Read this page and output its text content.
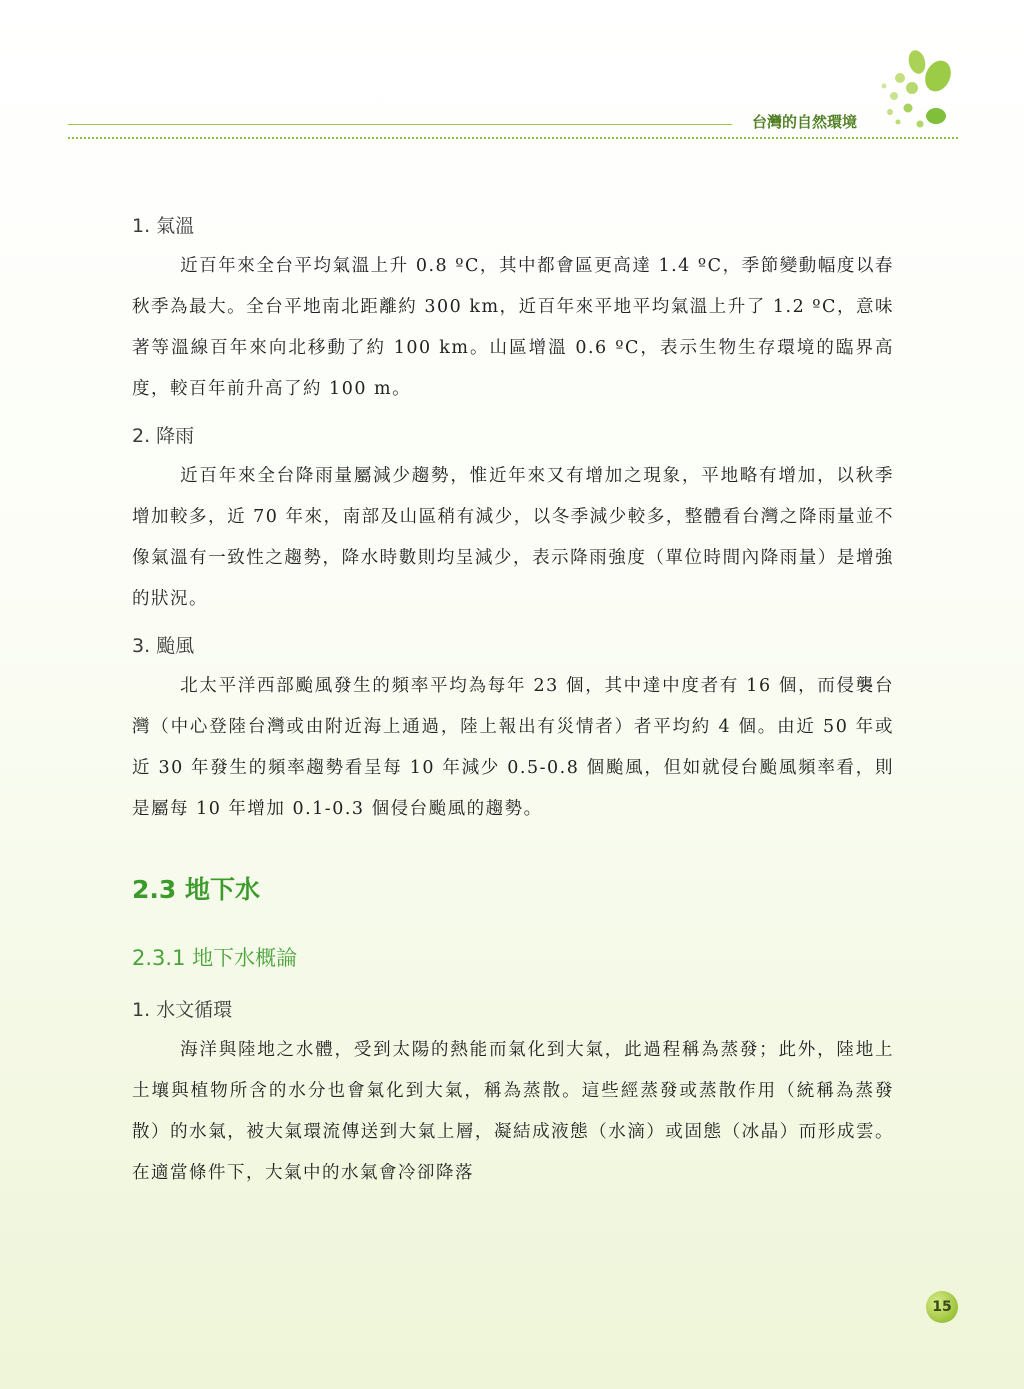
台灣的自然環境
1. 氣溫

近百年來全台平均氣溫上升 0.8 ºC，其中都會區更高達 1.4 ºC，季節變動幅度以春秋季為最大。全台平地南北距離約 300 km，近百年來平地平均氣溫上升了 1.2 ºC，意味著等溫線百年來向北移動了約 100 km。山區增溫 0.6 ºC，表示生物生存環境的臨界高度，較百年前升高了約 100 m。

2. 降雨

近百年來全台降雨量屬減少趨勢，惟近年來又有增加之現象，平地略有增加，以秋季增加較多，近 70 年來，南部及山區稍有減少，以冬季減少較多，整體看台灣之降雨量並不像氣溫有一致性之趨勢，降水時數則均呈減少，表示降雨強度（單位時間內降雨量）是增強的狀況。

3. 颱風

北太平洋西部颱風發生的頻率平均為每年 23 個，其中達中度者有 16 個，而侵襲台灣（中心登陸台灣或由附近海上通過，陸上報出有災情者）者平均約 4 個。由近 50 年或近 30 年發生的頻率趨勢看呈每 10 年減少 0.5-0.8 個颱風，但如就侵台颱風頻率看，則是屬每 10 年增加 0.1-0.3 個侵台颱風的趨勢。

2.3 地下水
2.3.1 地下水概論
1. 水文循環

海洋與陸地之水體，受到太陽的熱能而氣化到大氣，此過程稱為蒸發；此外，陸地上土壤與植物所含的水分也會氣化到大氣，稱為蒸散。這些經蒸發或蒸散作用（統稱為蒸發散）的水氣，被大氣環流傳送到大氣上層，凝結成液態（水滴）或固態（冰晶）而形成雲。在適當條件下，大氣中的水氣會冷卻降落

15
